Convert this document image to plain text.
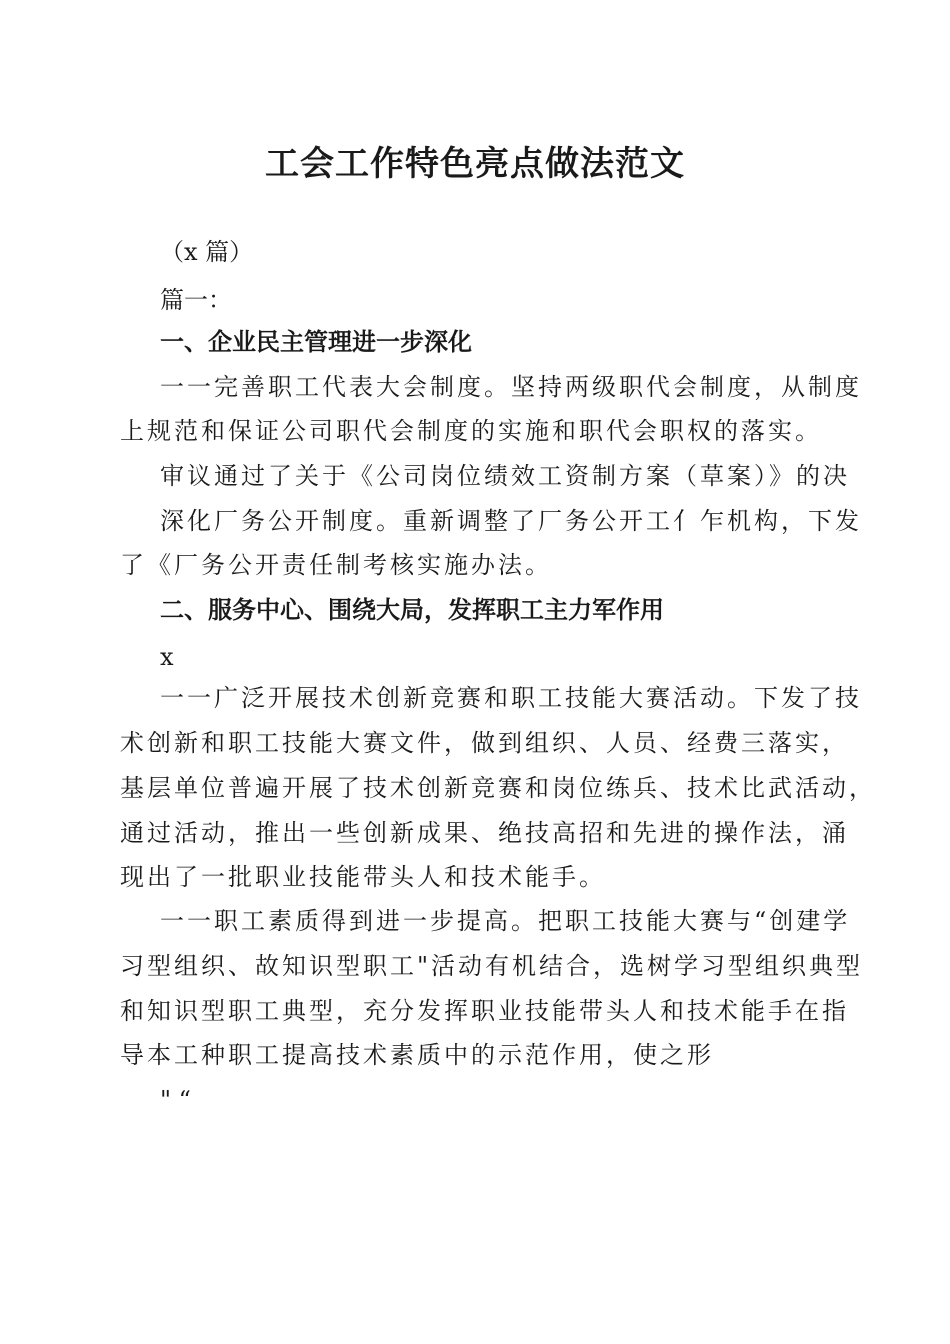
工会工作特色亮点做法范文
（x 篇）
篇一：
一、企业民主管理进一步深化
一一完善职工代表大会制度。坚持两级职代会制度，从制度
上规范和保证公司职代会制度的实施和职代会职权的落实。
审议通过了关于《公司岗位绩效工资制方案（草案）》的决
深化厂务公开制度。重新调整了厂务公开工亻乍机构，下发
了《厂务公开责任制考核实施办法。
二、服务中心、围绕大局，发挥职工主力军作用
x
一一广泛开展技术创新竞赛和职工技能大赛活动。下发了技
术创新和职工技能大赛文件，做到组织、人员、经费三落实，
基层单位普遍开展了技术创新竞赛和岗位练兵、技术比武活动，
通过活动，推出一些创新成果、绝技高招和先进的操作法，涌
现出了一批职业技能带头人和技术能手。
一一职工素质得到进一步提高。把职工技能大赛与“创建学
习型组织、故知识型职工"活动有机结合，选树学习型组织典型
和知识型职工典型，充分发挥职业技能带头人和技术能手在指
导本工种职工提高技术素质中的示范作用，使之形
" “
